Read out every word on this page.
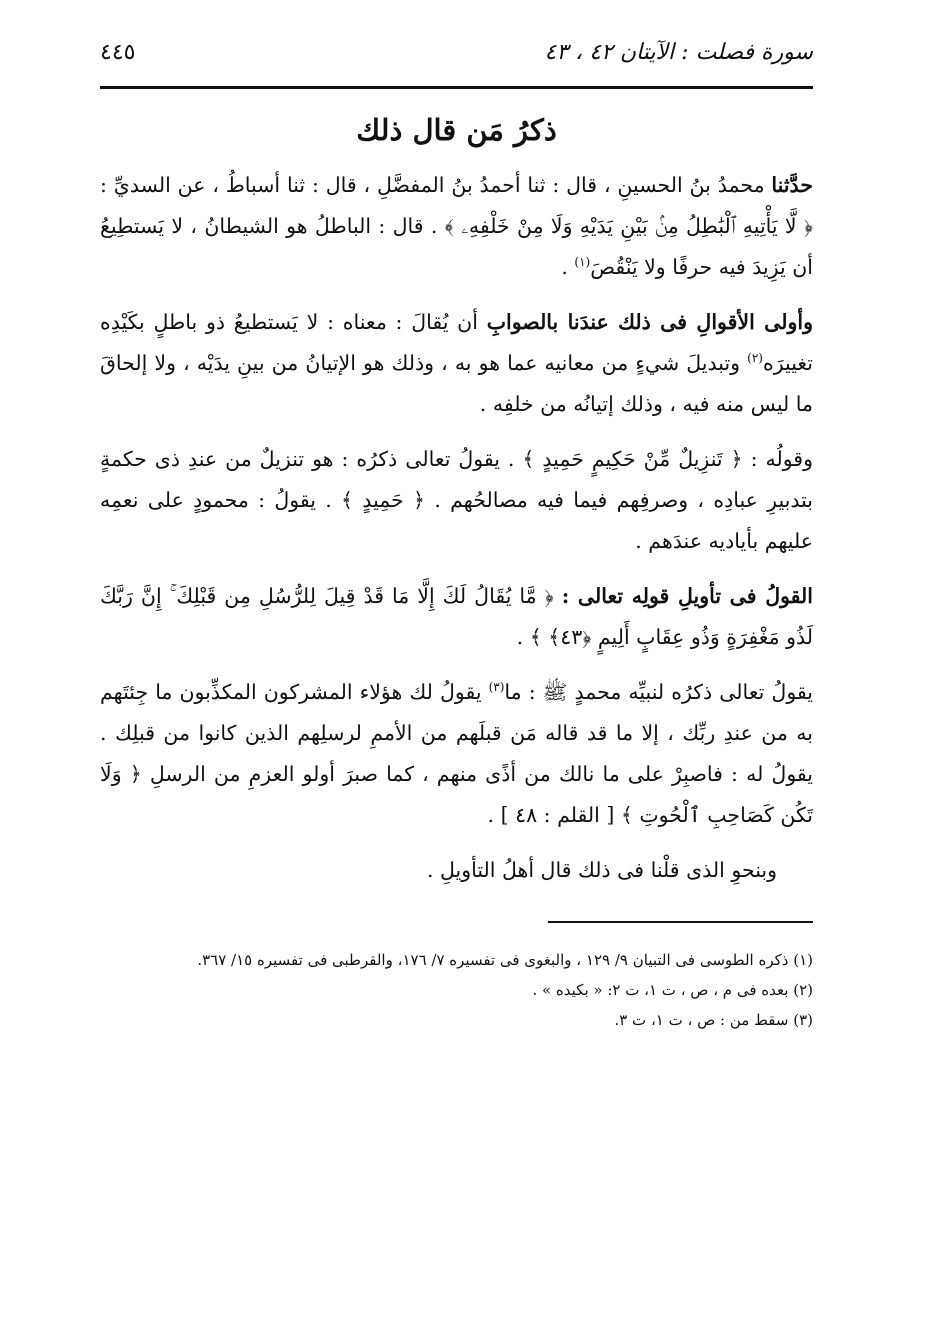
سورة فصلت : الآيتان ٤٢ ، ٤٣
٤٤٥
ذكرُ مَن قال ذلك

حدَّثنا محمدُ بنُ الحسينِ ، قال : ثنا أحمدُ بنُ المفضَّلِ ، قال : ثنا أسباطُ ، عن السديِّ : ﴿ لَّا يَأْتِيهِ ٱلْبَٰطِلُ مِنۢ بَيْنِ يَدَيْهِ وَلَا مِنْ خَلْفِهِۦ ﴾ . قال : الباطلُ هو الشيطانُ ، لا يَستطِيعُ أن يَزِيدَ فيه حرفًا ولا يَنْقُصَ$^{(١)}$ .

وأولى الأقوالِ فى ذلك عندَنا بالصوابِ أن يُقالَ : معناه : لا يَستطيعُ ذو باطلٍ بكَيْدِه تغييرَه$^{(٢)}$ وتبديلَ شيءٍ من معانيه عما هو به ، وذلك هو الإتيانُ من بينِ يدَيْه ، ولا إلحاقَ ما ليس منه فيه ، وذلك إتيانُه من خلفِه .

وقولُه : ﴿ تَنزِيلٌ مِّنْ حَكِيمٍ حَمِيدٍ ﴾ . يقولُ تعالى ذكرُه : هو تنزيلٌ من عندِ ذى حكمةٍ بتدبيرِ عبادِه ، وصرفِهم فيما فيه مصالحُهم . ﴿ حَمِيدٍ ﴾ . يقولُ : محمودٍ على نعمِه عليهم بأياديه عندَهم .

القولُ فى تأويلِ قولِه تعالى : ﴿ مَّا يُقَالُ لَكَ إِلَّا مَا قَدْ قِيلَ لِلرُّسُلِ مِن قَبْلِكَ ۚ إِنَّ رَبَّكَ لَذُو مَغْفِرَةٍ وَذُو عِقَابٍ أَلِيمٍ ﴿٤٣﴾ ﴾ .

يقولُ تعالى ذكرُه لنبيِّه محمدٍ ﷺ : ما$^{(٣)}$ يقولُ لك هؤلاء المشركون المكذِّبون ما جِئتَهم به من عندِ ربِّك ، إلا ما قد قاله مَن قبلَهم من الأممِ لرسلِهم الذين كانوا من قبلِك . يقولُ له : فاصبِرْ على ما نالك من أذًى منهم ، كما صبرَ أولو العزمِ من الرسلِ ﴿ وَلَا تَكُن كَصَاحِبِ ٱلْحُوتِ ﴾ [ القلم : ٤٨ ] .

وبنحوِ الذى قلْنا فى ذلك قال أهلُ التأويلِ .

(١) ذكره الطوسى فى التبيان ٩/ ١٢٩ ، والبغوى فى تفسيره ٧/ ١٧٦، والقرطبى فى تفسيره ١٥/ ٣٦٧.

(٢) بعده فى م ، ص ، ت ١، ت ٢: « بكيده » .

(٣) سقط من : ص ، ت ١، ت ٣.
